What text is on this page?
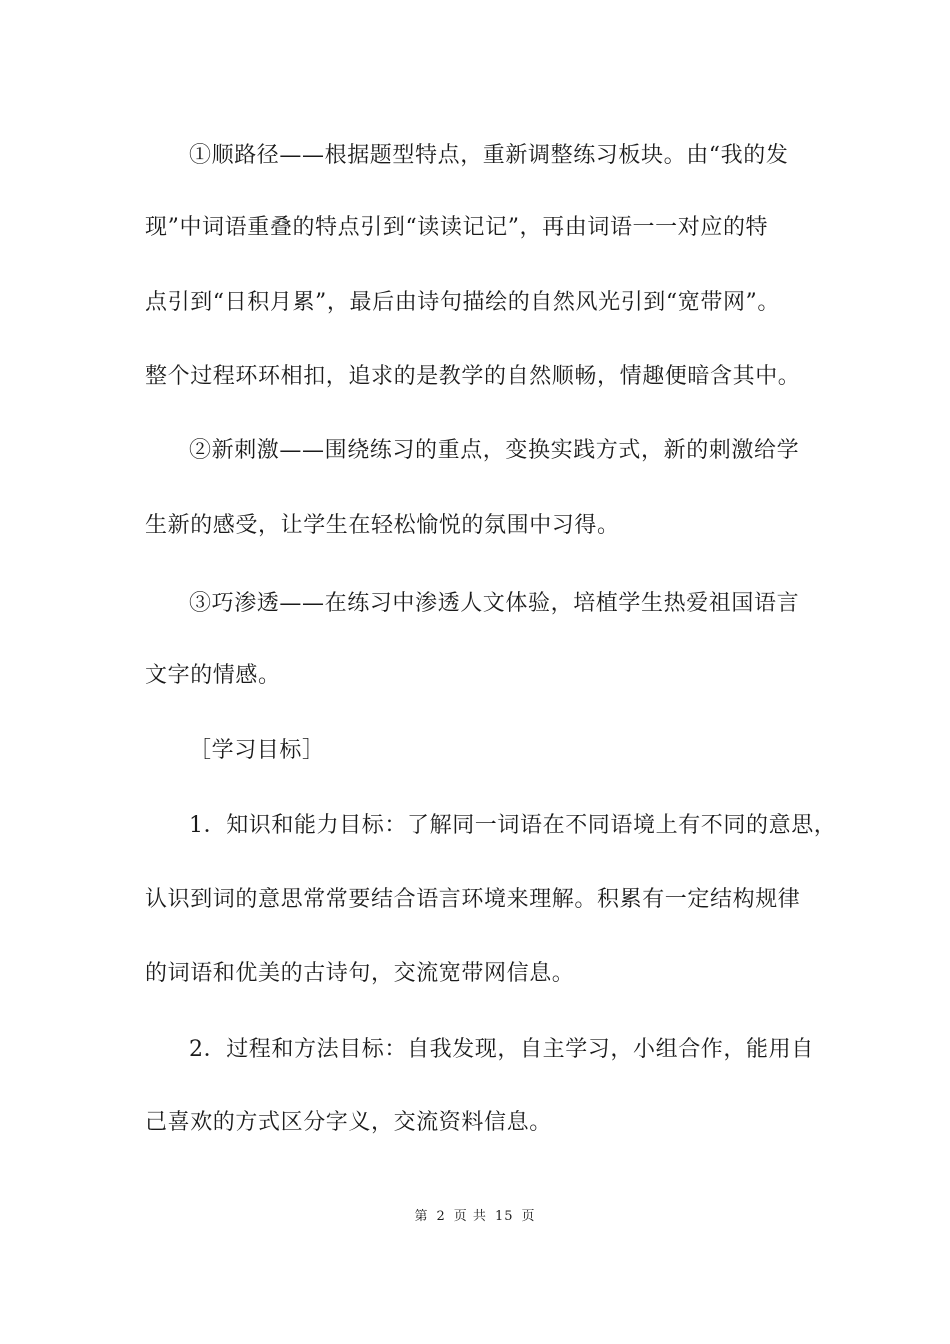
①顺路径——根据题型特点，重新调整练习板块。由“我的发
现”中词语重叠的特点引到“读读记记”，再由词语一一对应的特
点引到“日积月累”，最后由诗句描绘的自然风光引到“宽带网”。
整个过程环环相扣，追求的是教学的自然顺畅，情趣便暗含其中。
②新刺激——围绕练习的重点，变换实践方式，新的刺激给学
生新的感受，让学生在轻松愉悦的氛围中习得。
③巧渗透——在练习中渗透人文体验，培植学生热爱祖国语言
文字的情感。
［学习目标］
1．知识和能力目标：了解同一词语在不同语境上有不同的意思，
认识到词的意思常常要结合语言环境来理解。积累有一定结构规律
的词语和优美的古诗句，交流宽带网信息。
2．过程和方法目标：自我发现，自主学习，小组合作，能用自
己喜欢的方式区分字义，交流资料信息。
第 2 页 共 15 页
